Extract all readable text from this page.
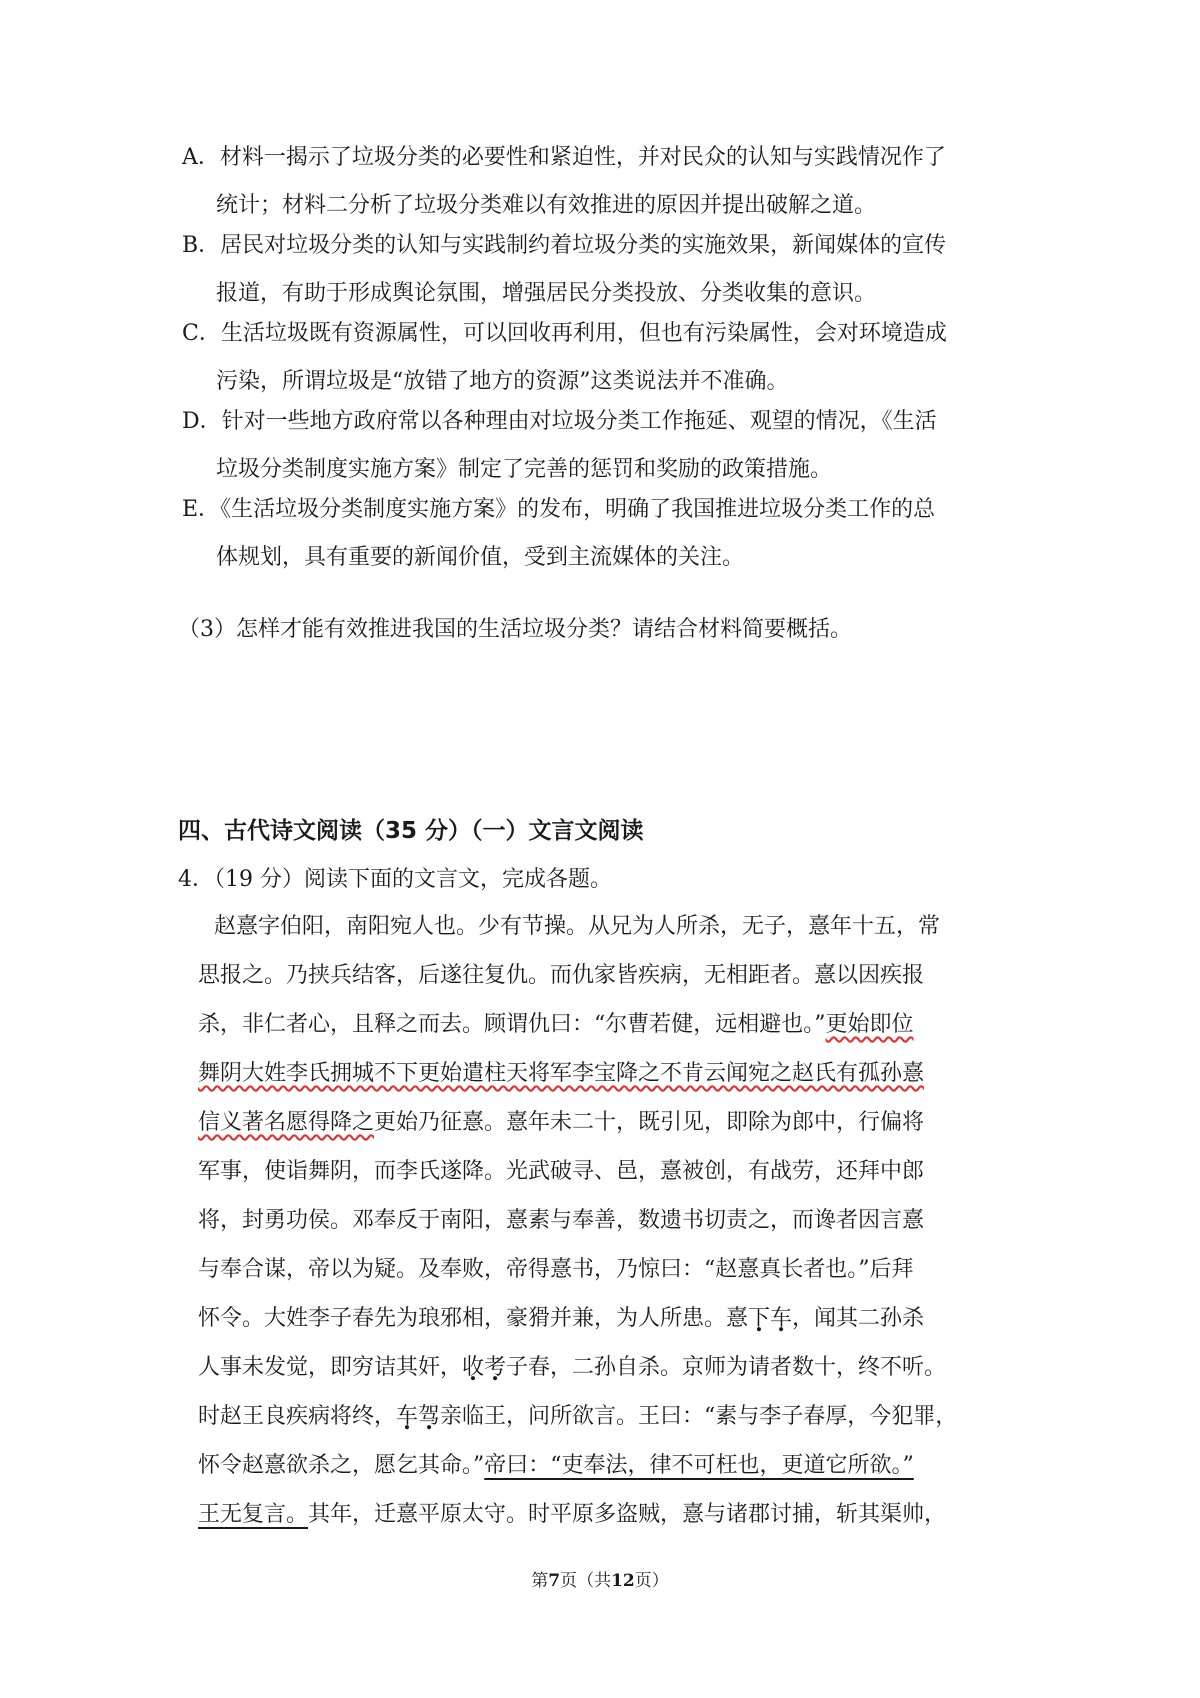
A．材料一揭示了垃圾分类的必要性和紧迫性，并对民众的认知与实践情况作了
统计；材料二分析了垃圾分类难以有效推进的原因并提出破解之道。
B．居民对垃圾分类的认知与实践制约着垃圾分类的实施效果，新闻媒体的宣传
报道，有助于形成舆论氛围，增强居民分类投放、分类收集的意识。
C．生活垃圾既有资源属性，可以回收再利用，但也有污染属性，会对环境造成
污染，所谓垃圾是“放错了地方的资源”这类说法并不准确。
D．针对一些地方政府常以各种理由对垃圾分类工作拖延、观望的情况，《生活
垃圾分类制度实施方案》制定了完善的惩罚和奖励的政策措施。
E．《生活垃圾分类制度实施方案》的发布，明确了我国推进垃圾分类工作的总
体规划，具有重要的新闻价值，受到主流媒体的关注。
（3）怎样才能有效推进我国的生活垃圾分类？请结合材料简要概括。
四、古代诗文阅读（35 分）（一）文言文阅读
4．（19 分）阅读下面的文言文，完成各题。
赵憙字伯阳，南阳宛人也。少有节操。从兄为人所杀，无子，憙年十五，常
思报之。乃挟兵结客，后遂往复仇。而仇家皆疾病，无相距者。憙以因疾报
杀，非仁者心，且释之而去。顾谓仇曰：“尔曹若健，远相避也。”更始即位
舞阴大姓李氏拥城不下更始遣柱天将军李宝降之不肯云闻宛之赵氏有孤孙憙
信义著名愿得降之更始乃征憙。憙年未二十，既引见，即除为郎中，行偏将
军事，使诣舞阴，而李氏遂降。光武破寻、邑，憙被创，有战劳，还拜中郎
将，封勇功侯。邓奉反于南阳，憙素与奉善，数遗书切责之，而谗者因言憙
与奉合谋，帝以为疑。及奉败，帝得憙书，乃惊曰：“赵憙真长者也。”后拜
怀令。大姓李子春先为琅邪相，豪猾并兼，为人所患。憙下 .车 .，闻其二孙杀
人事未发觉，即穷诘其奸，收 .考 .子春，二孙自杀。京师为请者数十，终不听。
时赵王良疾病将终，车 .驾 .亲临王，问所欲言。王曰：“素与李子春厚，今犯罪，
怀令赵憙欲杀之，愿乞其命。”帝曰：“吏奉法，律不可枉也，更道它所欲。”
王无复言。其年，迁憙平原太守。时平原多盗贼，憙与诸郡讨捕，斩其渠帅，
第7页（共12页）
